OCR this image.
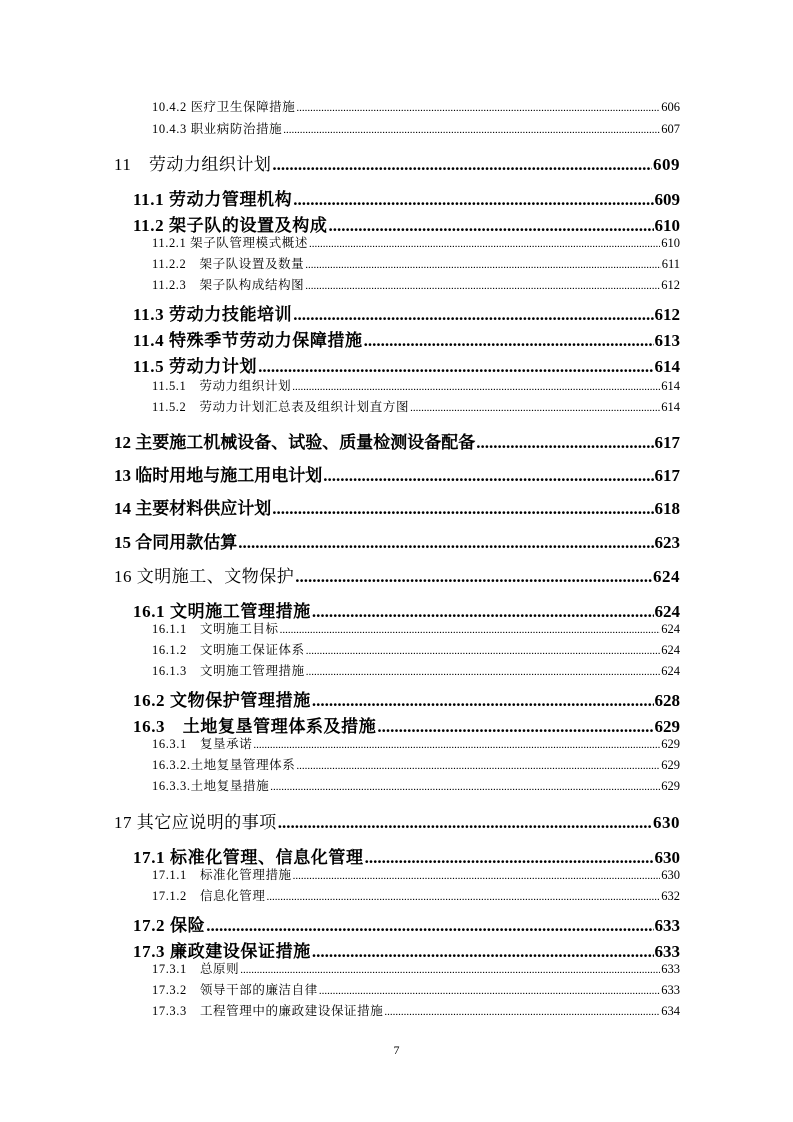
10.4.2 医疗卫生保障措施 .....	606
10.4.3 职业病防治措施 .....	607
11　劳动力组织计划 .....	609
11.1 劳动力管理机构 .....	609
11.2 架子队的设置及构成 .....	610
11.2.1 架子队管理模式概述 .....	610
11.2.2　架子队设置及数量 .....	611
11.2.3　架子队构成结构图 .....	612
11.3 劳动力技能培训 .....	612
11.4 特殊季节劳动力保障措施 .....	613
11.5 劳动力计划 .....	614
11.5.1　劳动力组织计划 .....	614
11.5.2　劳动力计划汇总表及组织计划直方图 .....	614
12 主要施工机械设备、试验、质量检测设备配备 .....	617
13 临时用地与施工用电计划 .....	617
14 主要材料供应计划 .....	618
15 合同用款估算 .....	623
16 文明施工、文物保护 .....	624
16.1 文明施工管理措施 .....	624
16.1.1　文明施工目标 .....	624
16.1.2　文明施工保证体系 .....	624
16.1.3　文明施工管理措施 .....	624
16.2 文物保护管理措施 .....	628
16.3　土地复垦管理体系及措施 .....	629
16.3.1　复垦承诺 .....	629
16.3.2.土地复垦管理体系 .....	629
16.3.3.土地复垦措施 .....	629
17 其它应说明的事项 .....	630
17.1 标准化管理、信息化管理 .....	630
17.1.1　标准化管理措施 .....	630
17.1.2　信息化管理 .....	632
17.2 保险 .....	633
17.3 廉政建设保证措施 .....	633
17.3.1　总原则 .....	633
17.3.2　领导干部的廉洁自律 .....	633
17.3.3　工程管理中的廉政建设保证措施 .....	634
7
